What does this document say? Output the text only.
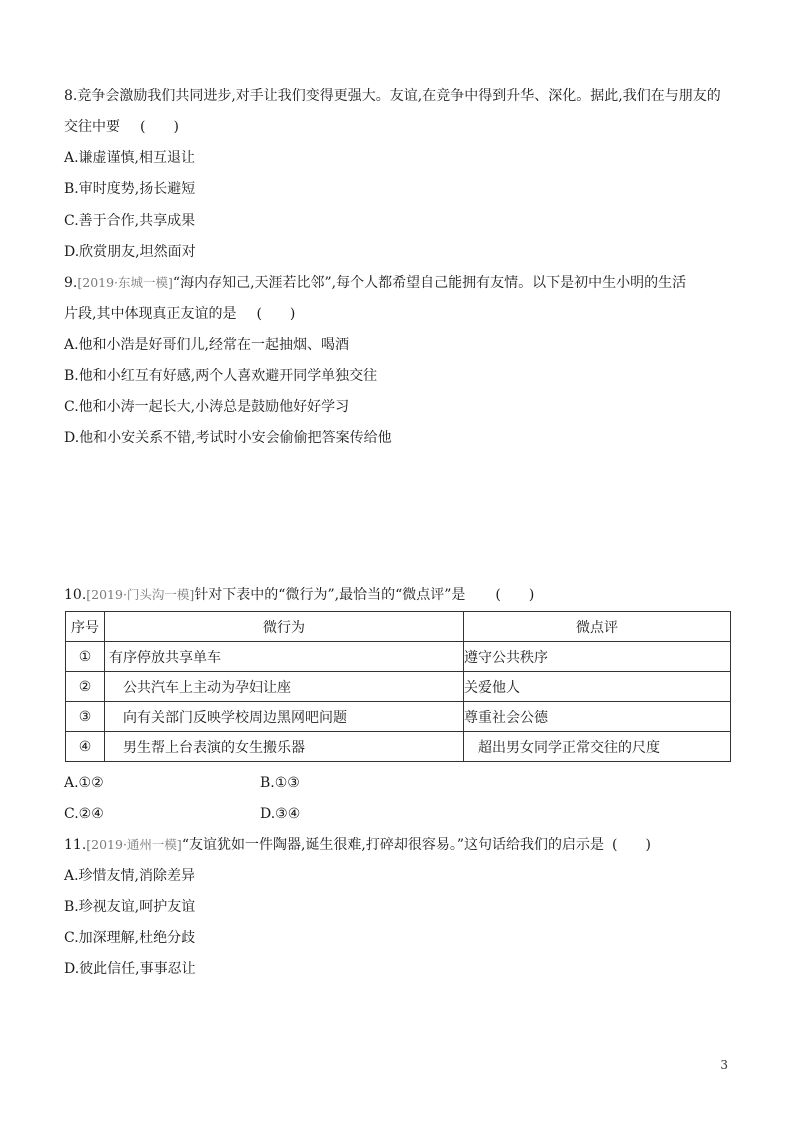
8.竞争会激励我们共同进步,对手让我们变得更强大。友谊,在竞争中得到升华、深化。据此,我们在与朋友的
交往中要 (　　)
A.谦虚谨慎,相互退让
B.审时度势,扬长避短
C.善于合作,共享成果
D.欣赏朋友,坦然面对
9.[2019·东城一模]“海内存知己,天涯若比邻”,每个人都希望自己能拥有友情。以下是初中生小明的生活
片段,其中体现真正友谊的是 (　　)
A.他和小浩是好哥们儿,经常在一起抽烟、喝酒
B.他和小红互有好感,两个人喜欢避开同学单独交往
C.他和小涛一起长大,小涛总是鼓励他好好学习
D.他和小安关系不错,考试时小安会偷偷把答案传给他
10.[2019·门头沟一模]针对下表中的“微行为”,最恰当的“微点评”是 (　　)
序号	微行为	微点评
①	有序停放共享单车	遵守公共秩序
②	公共汽车上主动为孕妇让座	关爱他人
③	向有关部门反映学校周边黑网吧问题	尊重社会公德
④	男生帮上台表演的女生搬乐器	超出男女同学正常交往的尺度
A.①②	B.①③
C.②④	D.③④
11.[2019·通州一模]“友谊犹如一件陶器,诞生很难,打碎却很容易。”这句话给我们的启示是 (　　)
A.珍惜友情,消除差异
B.珍视友谊,呵护友谊
C.加深理解,杜绝分歧
D.彼此信任,事事忍让
3
